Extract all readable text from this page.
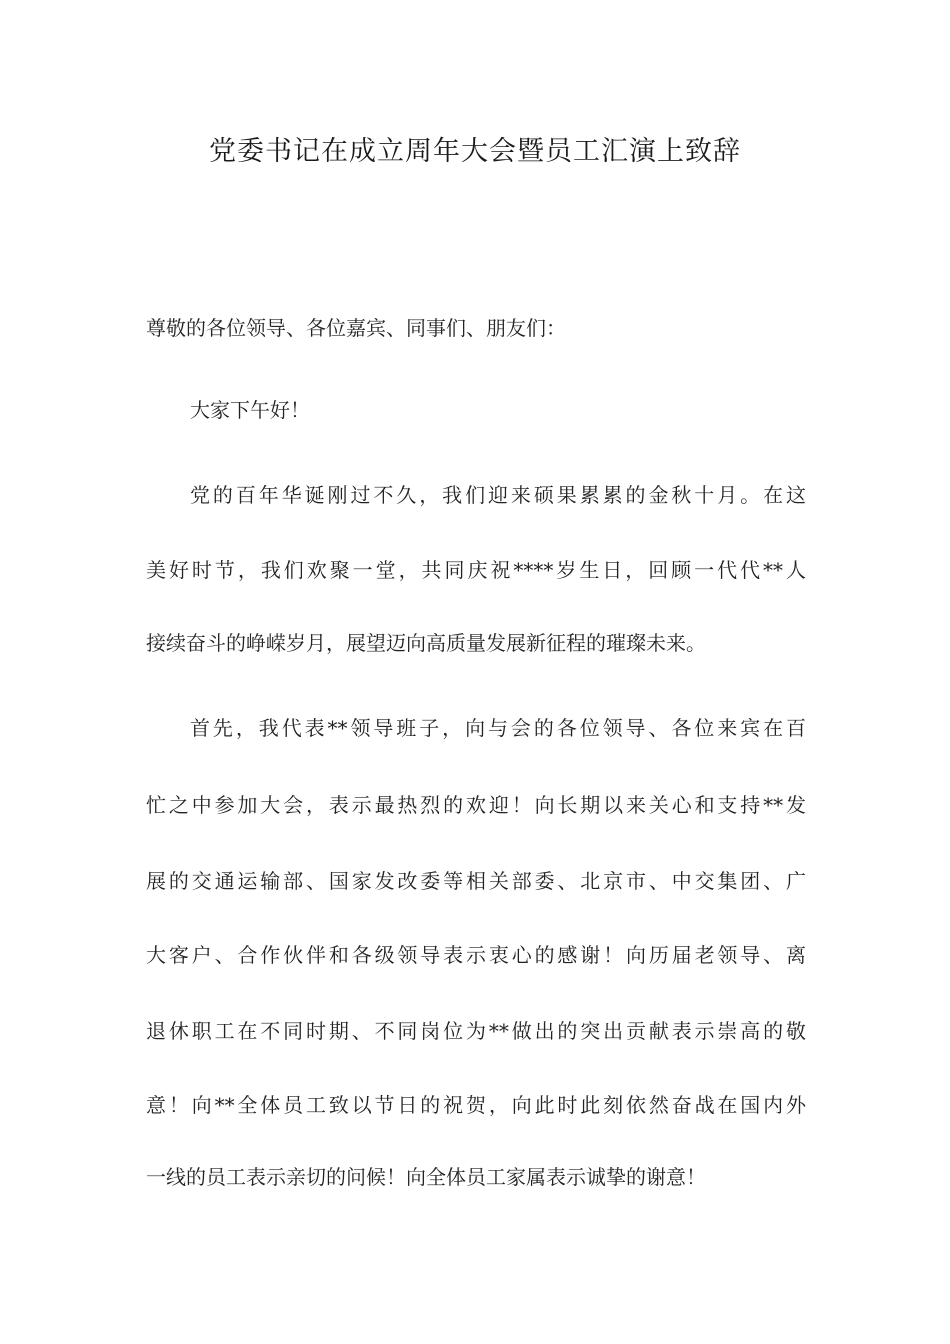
党委书记在成立周年大会暨员工汇演上致辞
尊敬的各位领导、各位嘉宾、同事们、朋友们：
大家下午好！
党的百年华诞刚过不久，我们迎来硕果累累的金秋十月。在这
美好时节，我们欢聚一堂，共同庆祝****岁生日，回顾一代代**人
接续奋斗的峥嵘岁月，展望迈向高质量发展新征程的璀璨未来。
首先，我代表**领导班子，向与会的各位领导、各位来宾在百
忙之中参加大会，表示最热烈的欢迎！向长期以来关心和支持**发
展的交通运输部、国家发改委等相关部委、北京市、中交集团、广
大客户、合作伙伴和各级领导表示衷心的感谢！向历届老领导、离
退休职工在不同时期、不同岗位为**做出的突出贡献表示崇高的敬
意！向**全体员工致以节日的祝贺，向此时此刻依然奋战在国内外
一线的员工表示亲切的问候！向全体员工家属表示诚挚的谢意！
